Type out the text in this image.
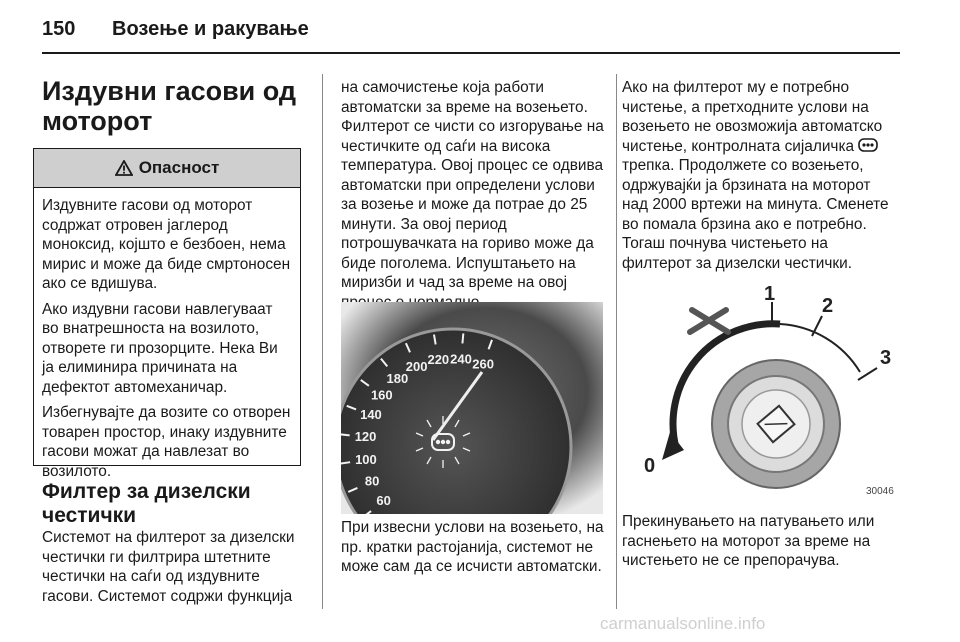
150 Возење и ракување
Издувни гасови од моторот
Опасност

Издувните гасови од моторот содржат отровен јаглерод моноксид, којшто е безбоен, нема мирис и може да биде смртоносен ако се вдишува.

Ако издувни гасови навлегуваат во внатрешноста на возилото, отворете ги прозорците. Нека Ви ја елиминира причината на дефектот автомеханичар.

Избегнувајте да возите со отворен товарен простор, инаку издувните гасови можат да навлезат во возилото.

Филтер за дизелски честички
Системот на филтерот за дизелски честички ги филтрира штетните честички на саѓи од издувните гасови. Системот содржи функција
на самочистење која работи автоматски за време на возењето. Филтерот се чисти со изгорување на честичките од саѓи на висока температура. Овој процес се одвива автоматски при определени услови за возење и може да потрае до 25 минути. За овој период потрошувачката на гориво може да биде поголема. Испуштањето на миризби и чад за време на овој
60
80
100
120
140
160
180
200 220 240 260
При извесни услови на возењето, на пр. кратки растојанија, системот не може сам да се исчисти автоматски.
Ако на филтерот му е потребно чистење, а претходните услови на возењето не овозможија автоматско чистење, контролната сијаличка  трепка. Продолжете со возењето, одржувајќи ја брзината на моторот над 2000 вртежи на минута. Сменете во помала брзина ако е потребно. Тогаш почнува чистењето на филтерот за дизелски честички.
1
2
3
0
30046
Прекинувањето на патувањето или гаснењето на моторот за време на чистењето не се препорачува.
carmanualsonline.info
